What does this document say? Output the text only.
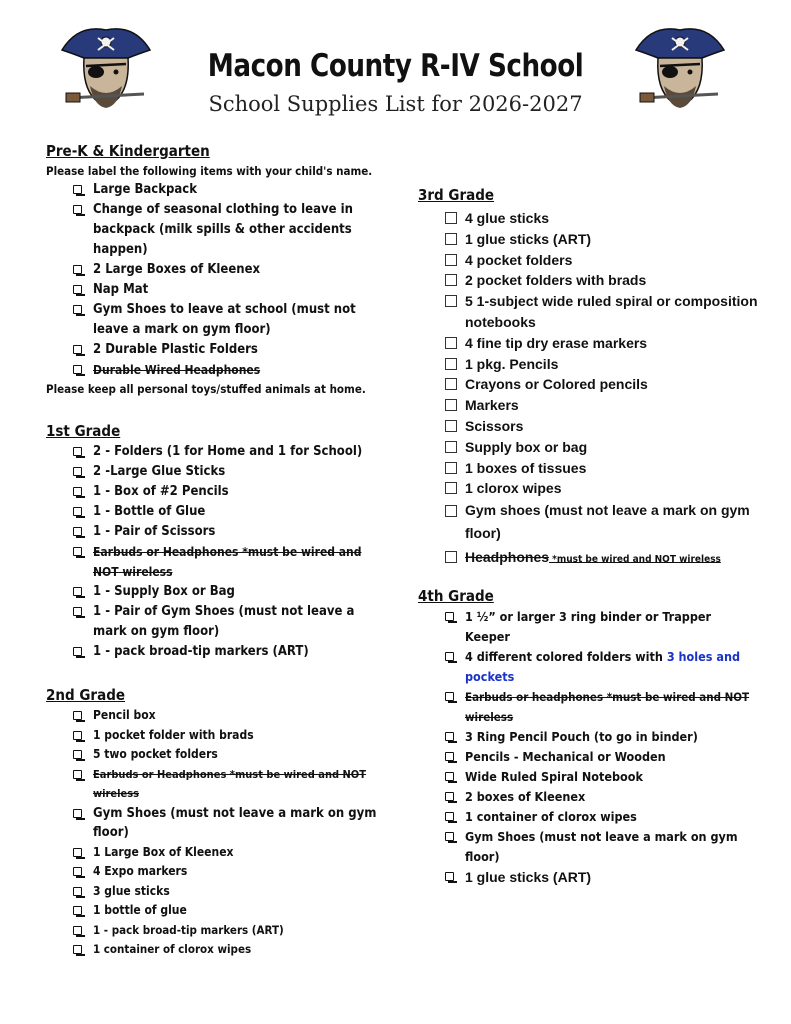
Macon County R-IV School
School Supplies List for 2026-2027
Pre-K & Kindergarten

Please label the following items with your child's name.

Large Backpack
Change of seasonal clothing to leave in backpack (milk spills & other accidents happen)
2 Large Boxes of Kleenex
Nap Mat
Gym Shoes to leave at school (must not leave a mark on gym floor)
2 Durable Plastic Folders
Durable Wired Headphones

Please keep all personal toys/stuffed animals at home.

1st Grade
2 - Folders (1 for Home and 1 for School)
2 -Large Glue Sticks
1 - Box of #2 Pencils
1 - Bottle of Glue
1 - Pair of Scissors
Earbuds or Headphones *must be wired and NOT wireless
1 - Supply Box or Bag
1 - Pair of Gym Shoes (must not leave a mark on gym floor)
1 - pack broad-tip markers (ART)
2nd Grade
Pencil box
1 pocket folder with brads
5 two pocket folders
Earbuds or Headphones *must be wired and NOT wireless
Gym Shoes (must not leave a mark on gym floor)
1 Large Box of Kleenex
4 Expo markers
3 glue sticks
1 bottle of glue
1 - pack broad-tip markers (ART)
1 container of clorox wipes
3rd Grade
4 glue sticks
1 glue sticks (ART)
4 pocket folders
2 pocket folders with brads
5 1-subject wide ruled spiral or composition notebooks
4 fine tip dry erase markers
1 pkg. Pencils
Crayons or Colored pencils
Markers
Scissors
Supply box or bag
1 boxes of tissues
1 clorox wipes
Gym shoes (must not leave a mark on gym floor)
Headphones *must be wired and NOT wireless
4th Grade
1 ½” or larger 3 ring binder or Trapper Keeper
4 different colored folders with 3 holes and pockets
Earbuds or headphones *must be wired and NOT wireless
3 Ring Pencil Pouch (to go in binder)
Pencils - Mechanical or Wooden
Wide Ruled Spiral Notebook
2 boxes of Kleenex
1 container of clorox wipes
Gym Shoes (must not leave a mark on gym floor)
1 glue sticks (ART)
